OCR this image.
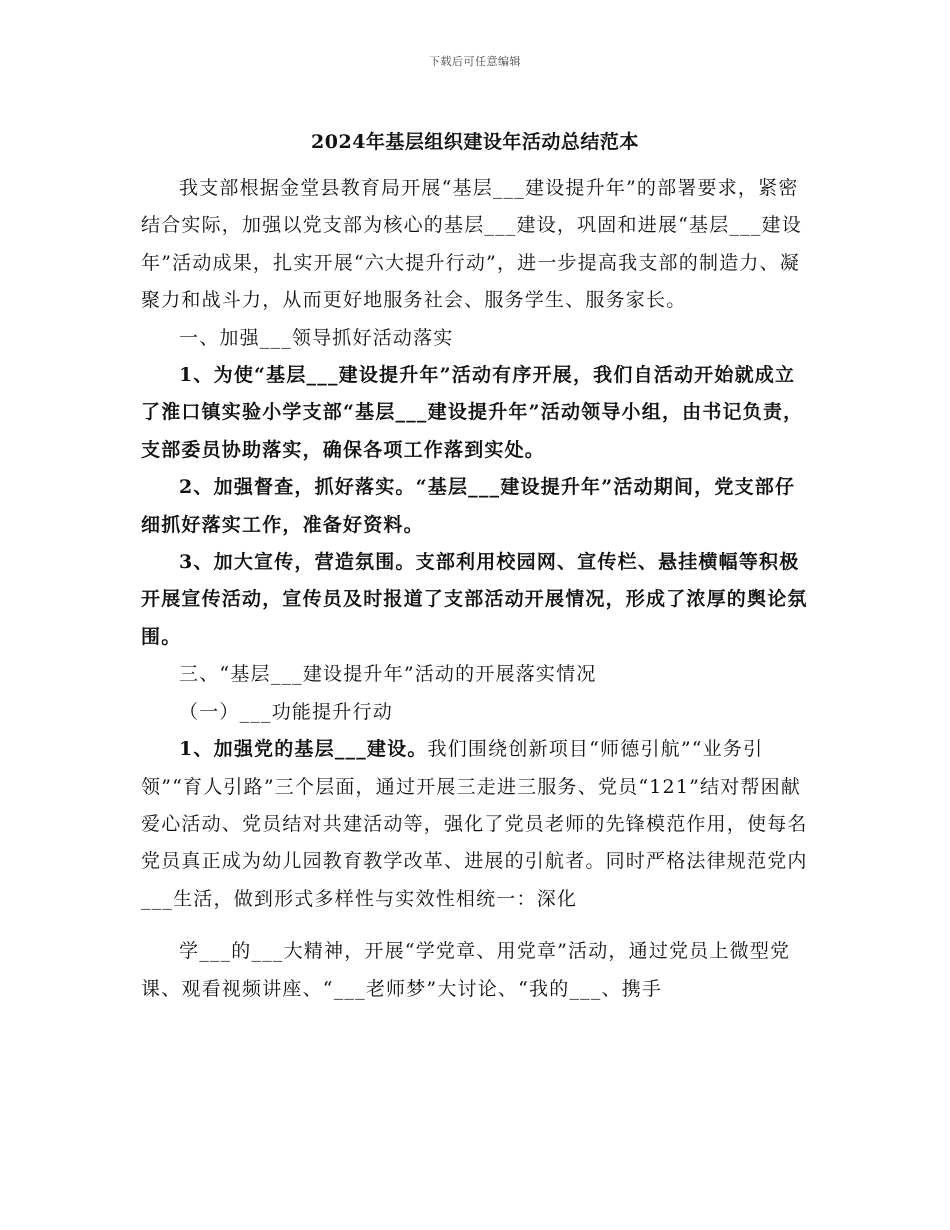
下载后可任意编辑
2024年基层组织建设年活动总结范本

我支部根据金堂县教育局开展“基层___建设提升年”的部署要求，紧密结合实际，加强以党支部为核心的基层___建设，巩固和进展“基层___建设年”活动成果，扎实开展“六大提升行动”，进一步提高我支部的制造力、凝聚力和战斗力，从而更好地服务社会、服务学生、服务家长。

一、加强___领导抓好活动落实

1、为使“基层___建设提升年”活动有序开展，我们自活动开始就成立了淮口镇实验小学支部“基层___建设提升年”活动领导小组，由书记负责，支部委员协助落实，确保各项工作落到实处。

2、加强督查，抓好落实。“基层___建设提升年”活动期间，党支部仔细抓好落实工作，准备好资料。

3、加大宣传，营造氛围。支部利用校园网、宣传栏、悬挂横幅等积极开展宣传活动，宣传员及时报道了支部活动开展情况，形成了浓厚的舆论氛围。

三、“基层___建设提升年”活动的开展落实情况

（一）___功能提升行动

1、加强党的基层___建设。我们围绕创新项目“师德引航”“业务引领”“育人引路”三个层面，通过开展三走进三服务、党员“121”结对帮困献爱心活动、党员结对共建活动等，强化了党员老师的先锋模范作用，使每名党员真正成为幼儿园教育教学改革、进展的引航者。同时严格法律规范党内___生活，做到形式多样性与实效性相统一：深化

学___的___大精神，开展“学党章、用党章”活动，通过党员上微型党课、观看视频讲座、“___老师梦”大讨论、“我的___、携手
